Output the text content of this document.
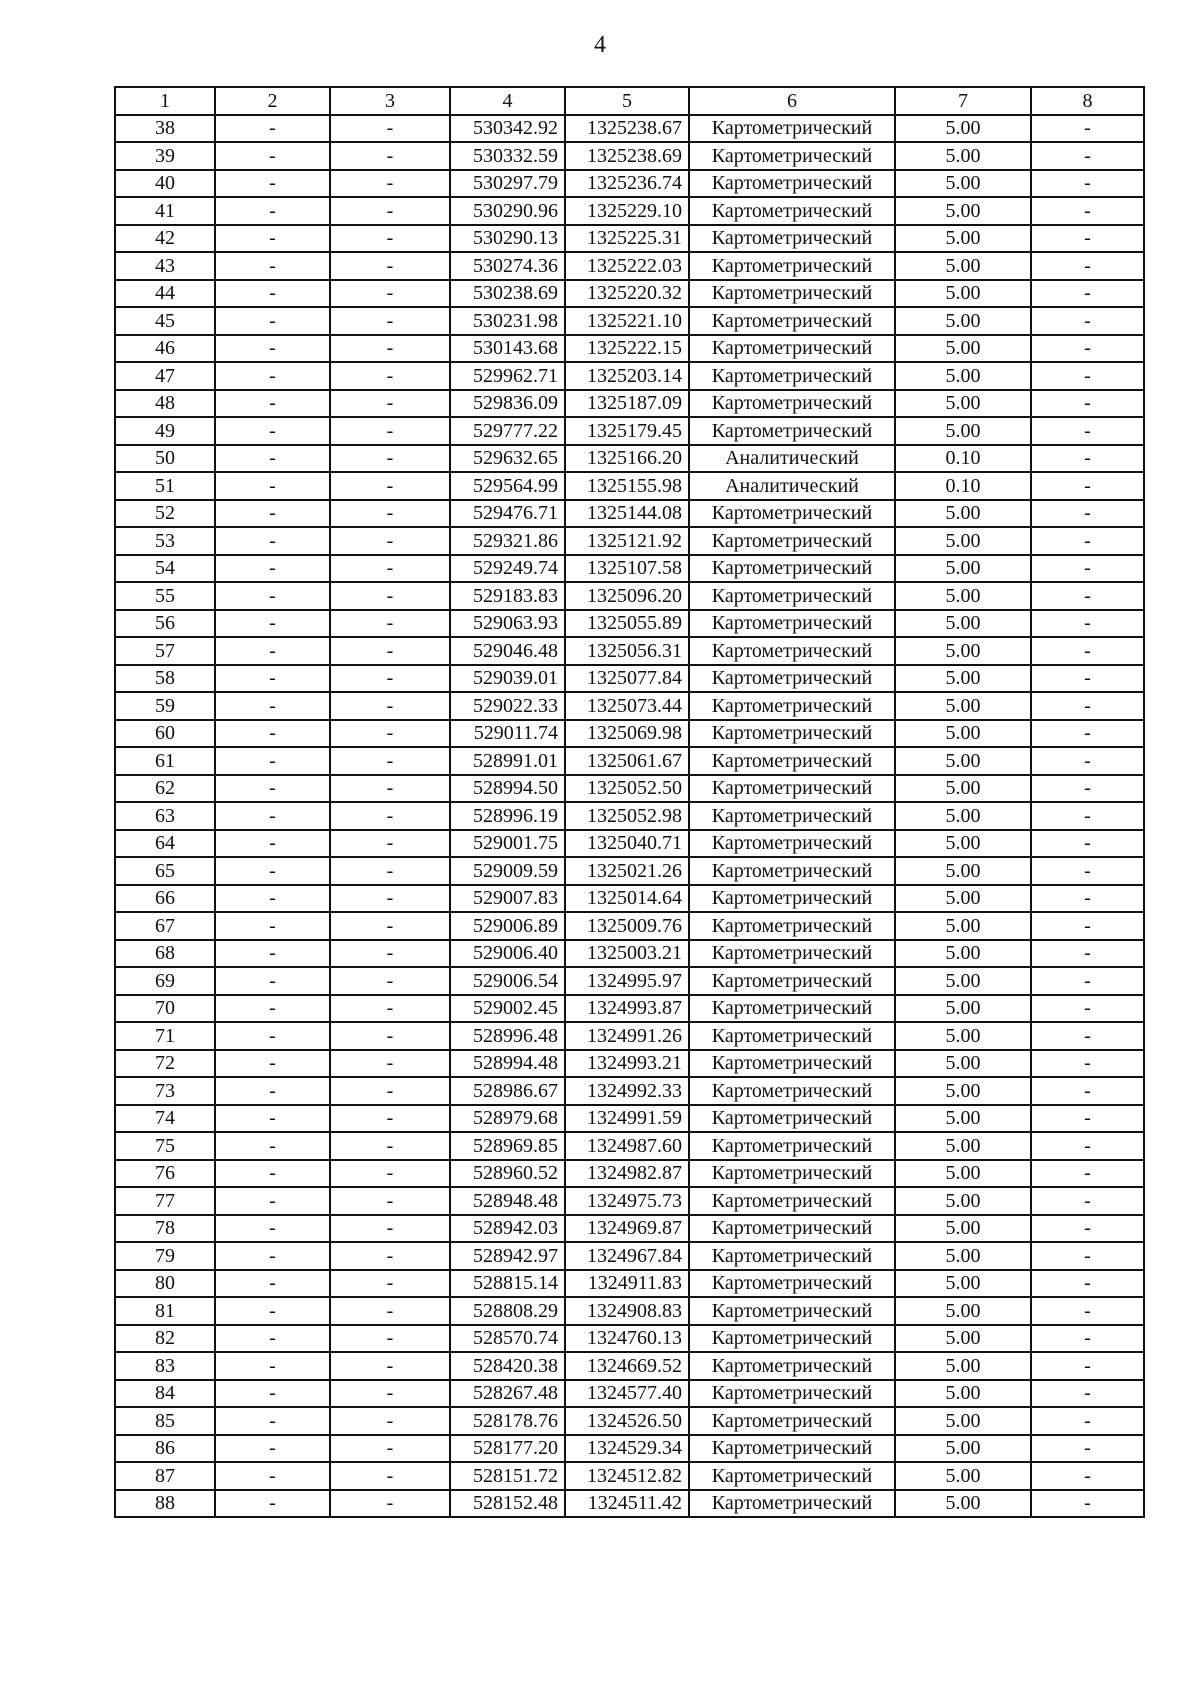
4
1	2	3	4	5	6	7	8
38	-	-	530342.92	1325238.67	Картометрический	5.00	-
39	-	-	530332.59	1325238.69	Картометрический	5.00	-
40	-	-	530297.79	1325236.74	Картометрический	5.00	-
41	-	-	530290.96	1325229.10	Картометрический	5.00	-
42	-	-	530290.13	1325225.31	Картометрический	5.00	-
43	-	-	530274.36	1325222.03	Картометрический	5.00	-
44	-	-	530238.69	1325220.32	Картометрический	5.00	-
45	-	-	530231.98	1325221.10	Картометрический	5.00	-
46	-	-	530143.68	1325222.15	Картометрический	5.00	-
47	-	-	529962.71	1325203.14	Картометрический	5.00	-
48	-	-	529836.09	1325187.09	Картометрический	5.00	-
49	-	-	529777.22	1325179.45	Картометрический	5.00	-
50	-	-	529632.65	1325166.20	Аналитический	0.10	-
51	-	-	529564.99	1325155.98	Аналитический	0.10	-
52	-	-	529476.71	1325144.08	Картометрический	5.00	-
53	-	-	529321.86	1325121.92	Картометрический	5.00	-
54	-	-	529249.74	1325107.58	Картометрический	5.00	-
55	-	-	529183.83	1325096.20	Картометрический	5.00	-
56	-	-	529063.93	1325055.89	Картометрический	5.00	-
57	-	-	529046.48	1325056.31	Картометрический	5.00	-
58	-	-	529039.01	1325077.84	Картометрический	5.00	-
59	-	-	529022.33	1325073.44	Картометрический	5.00	-
60	-	-	529011.74	1325069.98	Картометрический	5.00	-
61	-	-	528991.01	1325061.67	Картометрический	5.00	-
62	-	-	528994.50	1325052.50	Картометрический	5.00	-
63	-	-	528996.19	1325052.98	Картометрический	5.00	-
64	-	-	529001.75	1325040.71	Картометрический	5.00	-
65	-	-	529009.59	1325021.26	Картометрический	5.00	-
66	-	-	529007.83	1325014.64	Картометрический	5.00	-
67	-	-	529006.89	1325009.76	Картометрический	5.00	-
68	-	-	529006.40	1325003.21	Картометрический	5.00	-
69	-	-	529006.54	1324995.97	Картометрический	5.00	-
70	-	-	529002.45	1324993.87	Картометрический	5.00	-
71	-	-	528996.48	1324991.26	Картометрический	5.00	-
72	-	-	528994.48	1324993.21	Картометрический	5.00	-
73	-	-	528986.67	1324992.33	Картометрический	5.00	-
74	-	-	528979.68	1324991.59	Картометрический	5.00	-
75	-	-	528969.85	1324987.60	Картометрический	5.00	-
76	-	-	528960.52	1324982.87	Картометрический	5.00	-
77	-	-	528948.48	1324975.73	Картометрический	5.00	-
78	-	-	528942.03	1324969.87	Картометрический	5.00	-
79	-	-	528942.97	1324967.84	Картометрический	5.00	-
80	-	-	528815.14	1324911.83	Картометрический	5.00	-
81	-	-	528808.29	1324908.83	Картометрический	5.00	-
82	-	-	528570.74	1324760.13	Картометрический	5.00	-
83	-	-	528420.38	1324669.52	Картометрический	5.00	-
84	-	-	528267.48	1324577.40	Картометрический	5.00	-
85	-	-	528178.76	1324526.50	Картометрический	5.00	-
86	-	-	528177.20	1324529.34	Картометрический	5.00	-
87	-	-	528151.72	1324512.82	Картометрический	5.00	-
88	-	-	528152.48	1324511.42	Картометрический	5.00	-
